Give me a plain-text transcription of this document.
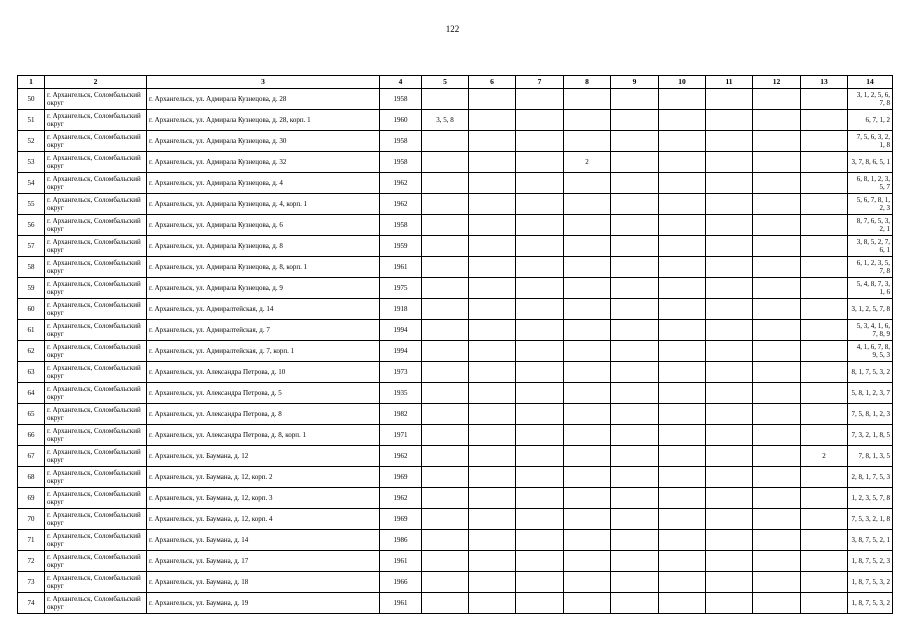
122
1	2	3	4	5	6	7	8	9	10	11	12	13	14
50	г. Архангельск, Соломбальский округ	г. Архангельск, ул. Адмирала Кузнецова, д. 28	1958										3, 1, 2, 5, 6, 7, 8
51	г. Архангельск, Соломбальский округ	г. Архангельск, ул. Адмирала Кузнецова, д. 28, корп. 1	1960	3, 5, 8									6, 7, 1, 2
52	г. Архангельск, Соломбальский округ	г. Архангельск, ул. Адмирала Кузнецова, д. 30	1958										7, 5, 6, 3, 2, 1, 8
53	г. Архангельск, Соломбальский округ	г. Архангельск, ул. Адмирала Кузнецова, д. 32	1958				2						3, 7, 8, 6, 5, 1
54	г. Архангельск, Соломбальский округ	г. Архангельск, ул. Адмирала Кузнецова, д. 4	1962										6, 8, 1, 2, 3, 5, 7
55	г. Архангельск, Соломбальский округ	г. Архангельск, ул. Адмирала Кузнецова, д. 4, корп. 1	1962										5, 6, 7, 8, 1, 2, 3
56	г. Архангельск, Соломбальский округ	г. Архангельск, ул. Адмирала Кузнецова, д. 6	1958										8, 7, 6, 5, 3, 2, 1
57	г. Архангельск, Соломбальский округ	г. Архангельск, ул. Адмирала Кузнецова, д. 8	1959										3, 8, 5, 2, 7, 6, 1
58	г. Архангельск, Соломбальский округ	г. Архангельск, ул. Адмирала Кузнецова, д. 8, корп. 1	1961										6, 1, 2, 3, 5, 7, 8
59	г. Архангельск, Соломбальский округ	г. Архангельск, ул. Адмирала Кузнецова, д. 9	1975										5, 4, 8, 7, 3, 1, 6
60	г. Архангельск, Соломбальский округ	г. Архангельск, ул. Адмиралтейская, д. 14	1918										3, 1, 2, 5, 7, 8
61	г. Архангельск, Соломбальский округ	г. Архангельск, ул. Адмиралтейская, д. 7	1994										5, 3, 4, 1, 6, 7, 8, 9
62	г. Архангельск, Соломбальский округ	г. Архангельск, ул. Адмиралтейская, д. 7, корп. 1	1994										4, 1, 6, 7, 8, 9, 5, 3
63	г. Архангельск, Соломбальский округ	г. Архангельск, ул. Александра Петрова, д. 10	1973										8, 1, 7, 5, 3, 2
64	г. Архангельск, Соломбальский округ	г. Архангельск, ул. Александра Петрова, д. 5	1935										5, 8, 1, 2, 3, 7
65	г. Архангельск, Соломбальский округ	г. Архангельск, ул. Александра Петрова, д. 8	1982										7, 5, 8, 1, 2, 3
66	г. Архангельск, Соломбальский округ	г. Архангельск, ул. Александра Петрова, д. 8, корп. 1	1971										7, 3, 2, 1, 8, 5
67	г. Архангельск, Соломбальский округ	г. Архангельск, ул. Баумана, д. 12	1962									2	7, 8, 1, 3, 5
68	г. Архангельск, Соломбальский округ	г. Архангельск, ул. Баумана, д. 12, корп. 2	1969										2, 8, 1, 7, 5, 3
69	г. Архангельск, Соломбальский округ	г. Архангельск, ул. Баумана, д. 12, корп. 3	1962										1, 2, 3, 5, 7, 8
70	г. Архангельск, Соломбальский округ	г. Архангельск, ул. Баумана, д. 12, корп. 4	1969										7, 5, 3, 2, 1, 8
71	г. Архангельск, Соломбальский округ	г. Архангельск, ул. Баумана, д. 14	1986										3, 8, 7, 5, 2, 1
72	г. Архангельск, Соломбальский округ	г. Архангельск, ул. Баумана, д. 17	1961										1, 8, 7, 5, 2, 3
73	г. Архангельск, Соломбальский округ	г. Архангельск, ул. Баумана, д. 18	1966										1, 8, 7, 5, 3, 2
74	г. Архангельск, Соломбальский округ	г. Архангельск, ул. Баумана, д. 19	1961										1, 8, 7, 5, 3, 2
